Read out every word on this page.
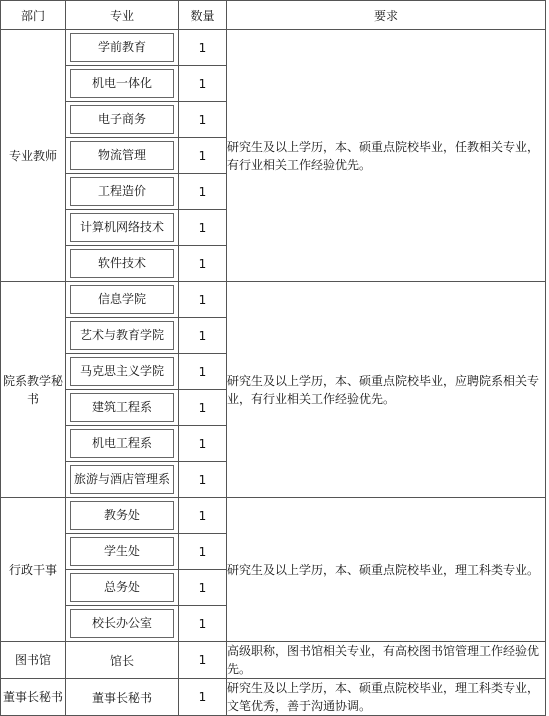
部门	专业	数量	要求
专业教师	学前教育	1	研究生及以上学历，本、硕重点院校毕业，任教相关专业，有行业相关工作经验优先。

	机电一体化	1	

	电子商务	1	

	物流管理	1	

	工程造价	1	

	计算机网络技术	1	

	软件技术	1	
院系教学秘书	信息学院	1	研究生及以上学历，本、硕重点院校毕业，应聘院系相关专业，有行业相关工作经验优先。

	艺术与教育学院	1	

	马克思主义学院	1	

	建筑工程系	1	

	机电工程系	1	

	旅游与酒店管理系	1	
行政干事	教务处	1	研究生及以上学历，本、硕重点院校毕业，理工科类专业。

	学生处	1	

	总务处	1	

	校长办公室	1	
图书馆	馆长	1	高级职称，图书馆相关专业，有高校图书馆管理工作经验优先。
董事长秘书	董事长秘书	1	研究生及以上学历，本、硕重点院校毕业，理工科类专业，文笔优秀，善于沟通协调。
